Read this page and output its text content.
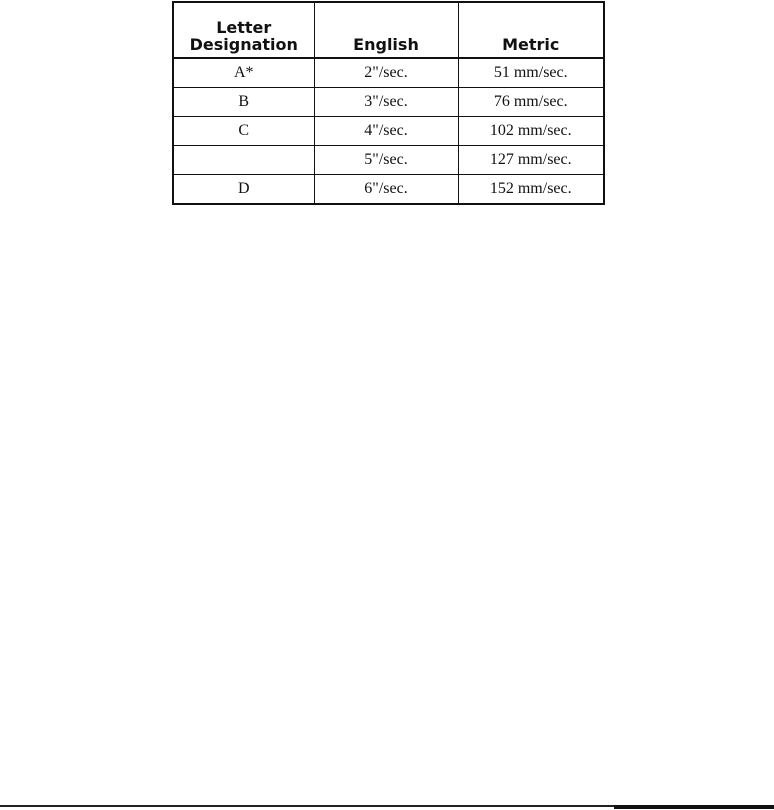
Letter
Designation	English	Metric
A*	2"/sec.	51 mm/sec.
B	3"/sec.	76 mm/sec.
C	4"/sec.	102 mm/sec.
	5"/sec.	127 mm/sec.
D	6"/sec.	152 mm/sec.
